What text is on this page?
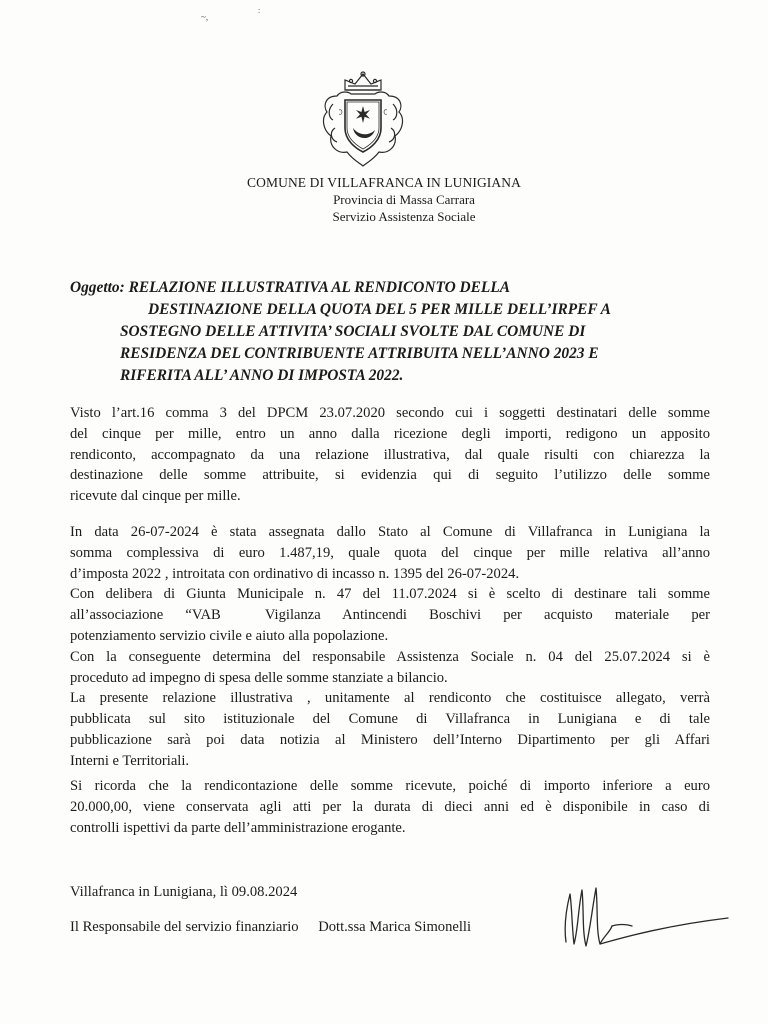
~,
:
COMUNE DI VILLAFRANCA IN LUNIGIANA
Provincia di Massa Carrara
Servizio Assistenza Sociale
Oggetto: RELAZIONE ILLUSTRATIVA AL RENDICONTO DELLA
DESTINAZIONE DELLA QUOTA DEL 5 PER MILLE DELL’IRPEF A
SOSTEGNO DELLE ATTIVITA’ SOCIALI SVOLTE DAL COMUNE DI
RESIDENZA DEL CONTRIBUENTE ATTRIBUITA NELL’ANNO 2023 E
RIFERITA ALL’ ANNO DI IMPOSTA 2022.
Visto l’art.16 comma 3 del DPCM 23.07.2020 secondo cui i soggetti destinatari delle somme
del cinque per mille, entro un anno dalla ricezione degli importi, redigono un apposito
rendiconto, accompagnato da una relazione illustrativa, dal quale risulti con chiarezza la
destinazione delle somme attribuite, si evidenzia qui di seguito l’utilizzo delle somme
ricevute dal cinque per mille.
In data 26-07-2024 è stata assegnata dallo Stato al Comune di Villafranca in Lunigiana la
somma complessiva di euro 1.487,19, quale quota del cinque per mille relativa all’anno
d’imposta 2022 , introitata con ordinativo di incasso n. 1395 del 26-07-2024.
Con delibera di Giunta Municipale n. 47 del 11.07.2024 si è scelto di destinare tali somme
all’associazione “VAB  Vigilanza Antincendi Boschivi per acquisto materiale per
potenziamento servizio civile e aiuto alla popolazione.
Con la conseguente determina del responsabile Assistenza Sociale n. 04 del 25.07.2024 si è
proceduto ad impegno di spesa delle somme stanziate a bilancio.
La presente relazione illustrativa , unitamente al rendiconto che costituisce allegato, verrà
pubblicata sul sito istituzionale del Comune di Villafranca in Lunigiana e di tale
pubblicazione sarà poi data notizia al Ministero dell’Interno Dipartimento per gli Affari
Interni e Territoriali.
Si ricorda che la rendicontazione delle somme ricevute, poiché di importo inferiore a euro
20.000,00, viene conservata agli atti per la durata di dieci anni ed è disponibile in caso di
controlli ispettivi da parte dell’amministrazione erogante.
Villafranca in Lunigiana, lì 09.08.2024
Il Responsabile del servizio finanziario Dott.ssa Marica Simonelli
